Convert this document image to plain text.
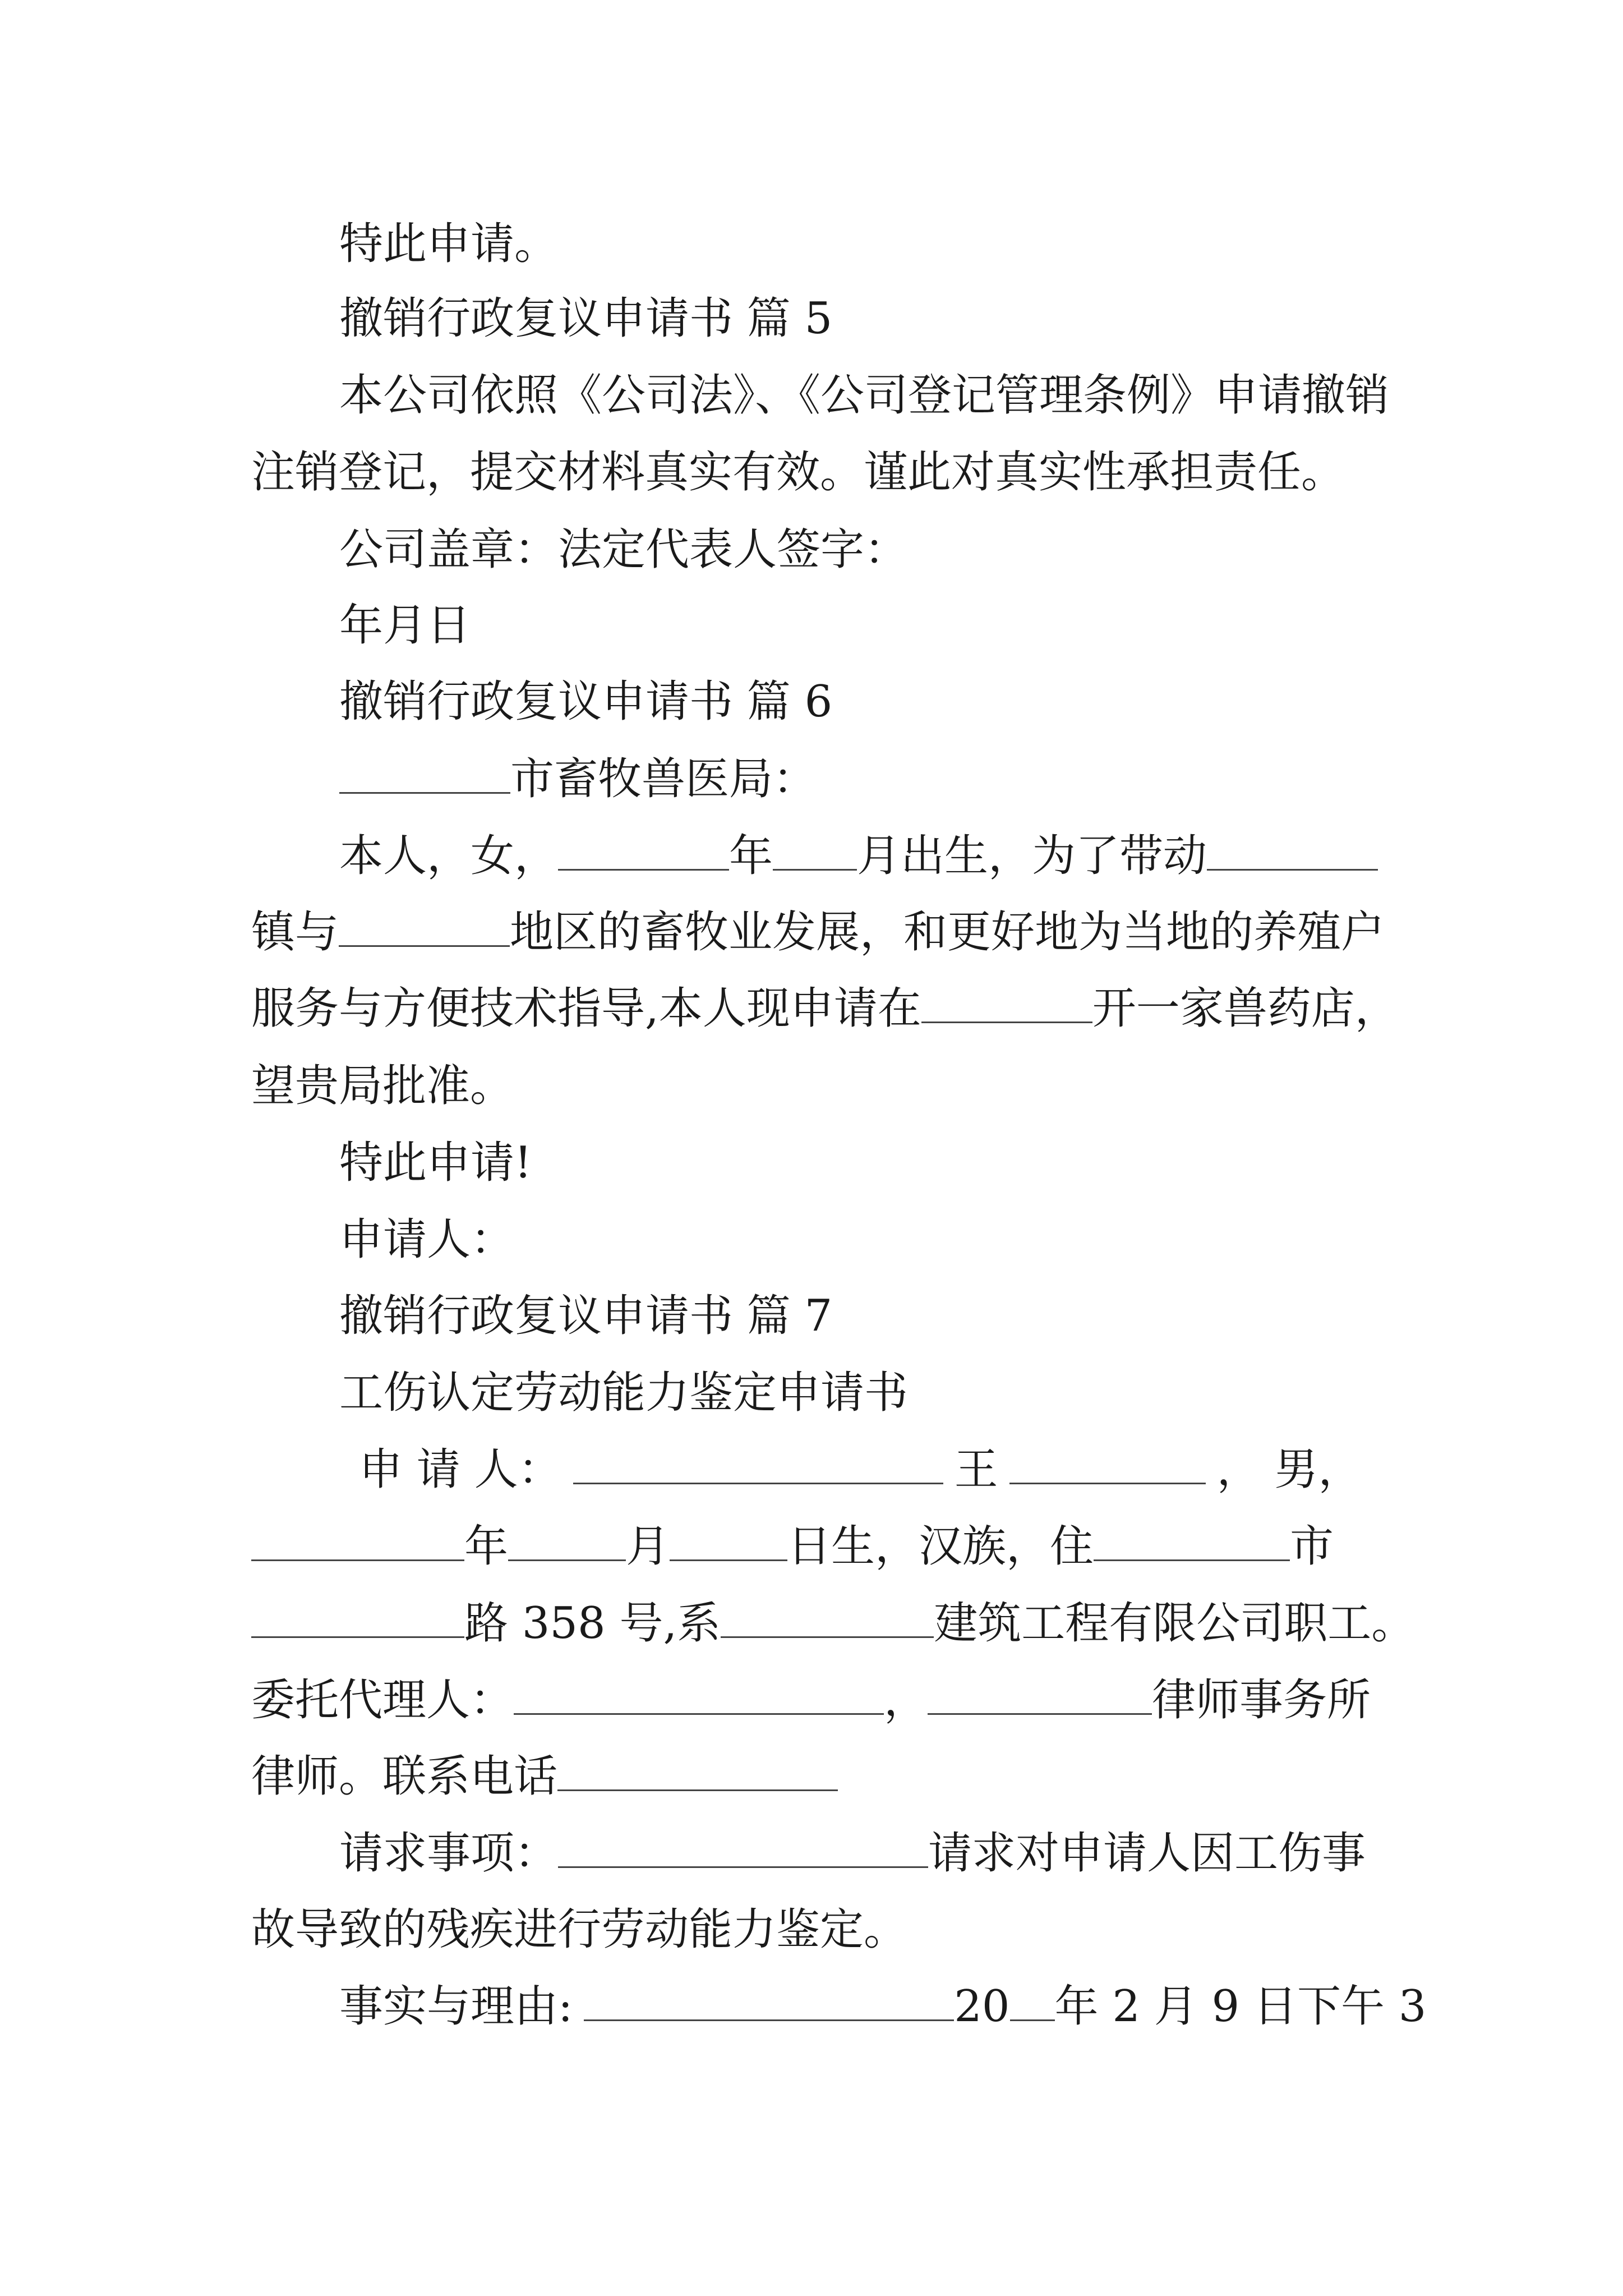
特此申请。
撤销行政复议申请书 篇 5
本公司依照《公司法》、《公司登记管理条例》申请撤销
注销登记，提交材料真实有效。谨此对真实性承担责任。
公司盖章：法定代表人签字：
年月日
撤销行政复议申请书 篇 6
市畜牧兽医局：
本人，女，	年 月出生，为了带动
镇与	地区的畜牧业发展，和更好地为当地的养殖户
服务与方便技术指导,本人现申请在	开一家兽药店，
望贵局批准。
特此申请!
申请人：
撤销行政复议申请书 篇 7
工伤认定劳动能力鉴定申请书
申 请 人：	王	， 男，
年	月	日生，汉族，住	市
路 358 号,系	建筑工程有限公司职工。
委托代理人：	，	律师事务所
律师。联系电话
请求事项：	请求对申请人因工伤事
故导致的残疾进行劳动能力鉴定。
事实与理由:	20 年 2 月 9 日下午 3
